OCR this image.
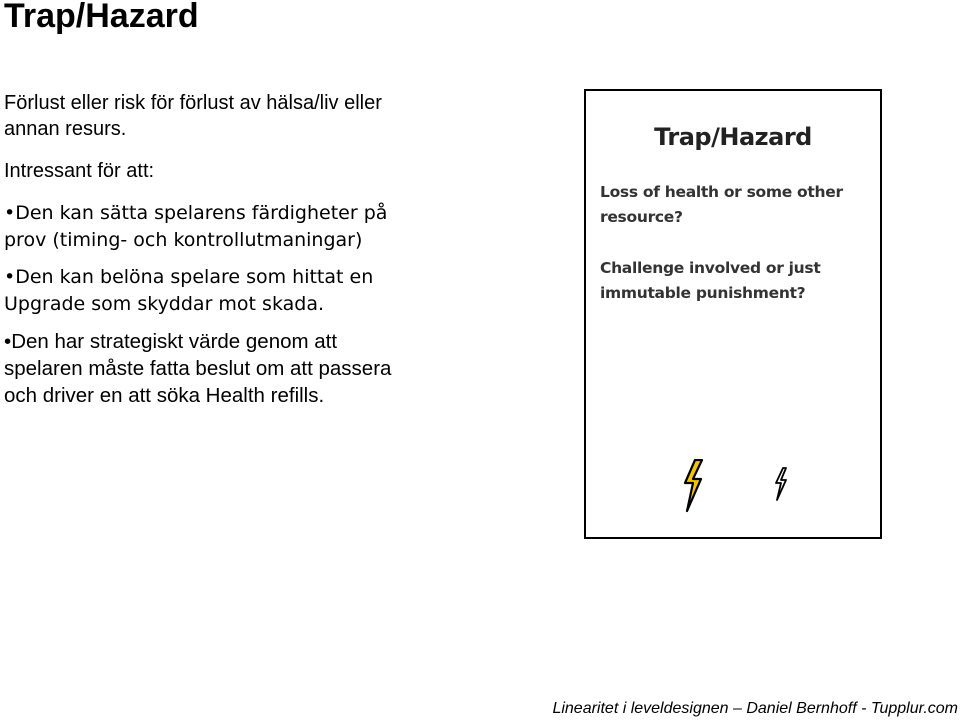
Trap/Hazard

Förlust eller risk för förlust av hälsa/liv eller annan resurs.

Intressant för att:

•Den kan sätta spelarens färdigheter på prov (timing- och kontrollutmaningar)
•Den kan belöna spelare som hittat en Upgrade som skyddar mot skada.
•Den har strategiskt värde genom att spelaren måste fatta beslut om att passera och driver en att söka Health refills.
Trap/Hazard
Loss of health or some other resource?
Challenge involved or just immutable punishment?
Linearitet i leveldesignen – Daniel Bernhoff - Tupplur.com
